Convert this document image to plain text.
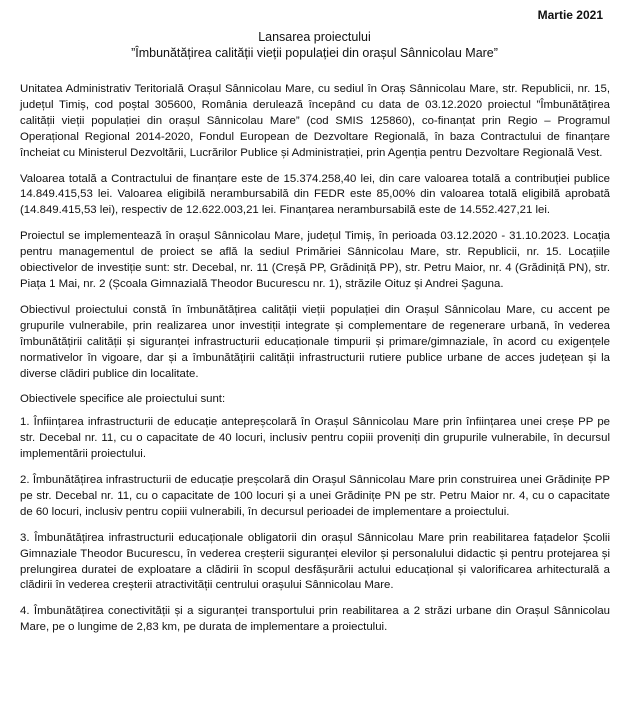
Martie 2021
Lansarea proiectului
”Îmbunătățirea calității vieții populației din orașul Sânnicolau Mare”

Unitatea Administrativ Teritorială Orașul Sânnicolau Mare, cu sediul în Oraș Sânnicolau Mare, str. Republicii, nr. 15, județul Timiș, cod poștal 305600, România derulează începând cu data de 03.12.2020 proiectul ”Îmbunătățirea calității vieții populației din orașul Sânnicolau Mare” (cod SMIS 125860), co-finanțat prin Regio – Programul Operațional Regional 2014-2020, Fondul European de Dezvoltare Regională, în baza Contractului de finanțare încheiat cu Ministerul Dezvoltării, Lucrărilor Publice și Administrației, prin Agenția pentru Dezvoltare Regională Vest.

Valoarea totală a Contractului de finanțare este de 15.374.258,40 lei, din care valoarea totală a contribuției publice 14.849.415,53 lei. Valoarea eligibilă nerambursabilă din FEDR este 85,00% din valoarea totală eligibilă aprobată (14.849.415,53 lei), respectiv de 12.622.003,21 lei. Finanțarea nerambursabilă este de 14.552.427,21 lei.

Proiectul se implementează în orașul Sânnicolau Mare, județul Timiș, în perioada 03.12.2020 - 31.10.2023. Locația pentru managementul de proiect se află la sediul Primăriei Sânnicolau Mare, str. Republicii, nr. 15. Locațiile obiectivelor de investiție sunt: str. Decebal, nr. 11 (Creșă PP, Grădiniță PP), str. Petru Maior, nr. 4 (Grădiniță PN), str. Piața 1 Mai, nr. 2 (Școala Gimnazială Theodor Bucurescu nr. 1), străzile Oituz și Andrei Șaguna.

Obiectivul proiectului constă în îmbunătățirea calității vieții populației din Orașul Sânnicolau Mare, cu accent pe grupurile vulnerabile, prin realizarea unor investiții integrate și complementare de regenerare urbană, în vederea îmbunătățirii calității și siguranței infrastructurii educaționale timpurii și primare/gimnaziale, în acord cu exigențele normativelor în vigoare, dar și a îmbunătățirii calității infrastructurii rutiere publice urbane de acces județean și la diverse clădiri publice din localitate.

Obiectivele specifice ale proiectului sunt:

1. Înființarea infrastructurii de educație antepreșcolară în Orașul Sânnicolau Mare prin înființarea unei creșe PP pe str. Decebal nr. 11, cu o capacitate de 40 locuri, inclusiv pentru copiii proveniți din grupurile vulnerabile, în decursul implementării proiectului.

2. Îmbunătățirea infrastructurii de educație preșcolară din Orașul Sânnicolau Mare prin construirea unei Grădinițe PP pe str. Decebal nr. 11, cu o capacitate de 100 locuri și a unei Grădinițe PN pe str. Petru Maior nr. 4, cu o capacitate de 60 locuri, inclusiv pentru copiii vulnerabili, în decursul perioadei de implementare a proiectului.

3. Îmbunătățirea infrastructurii educaționale obligatorii din orașul Sânnicolau Mare prin reabilitarea fațadelor Școlii Gimnaziale Theodor Bucurescu, în vederea creșterii siguranței elevilor și personalului didactic și pentru protejarea și prelungirea duratei de exploatare a clădirii în scopul desfășurării actului educațional și valorificarea arhitecturală a clădirii în vederea creșterii atractivității centrului orașului Sânnicolau Mare.

4. Îmbunătățirea conectivității și a siguranței transportului prin reabilitarea a 2 străzi urbane din Orașul Sânnicolau Mare, pe o lungime de 2,83 km, pe durata de implementare a proiectului.
